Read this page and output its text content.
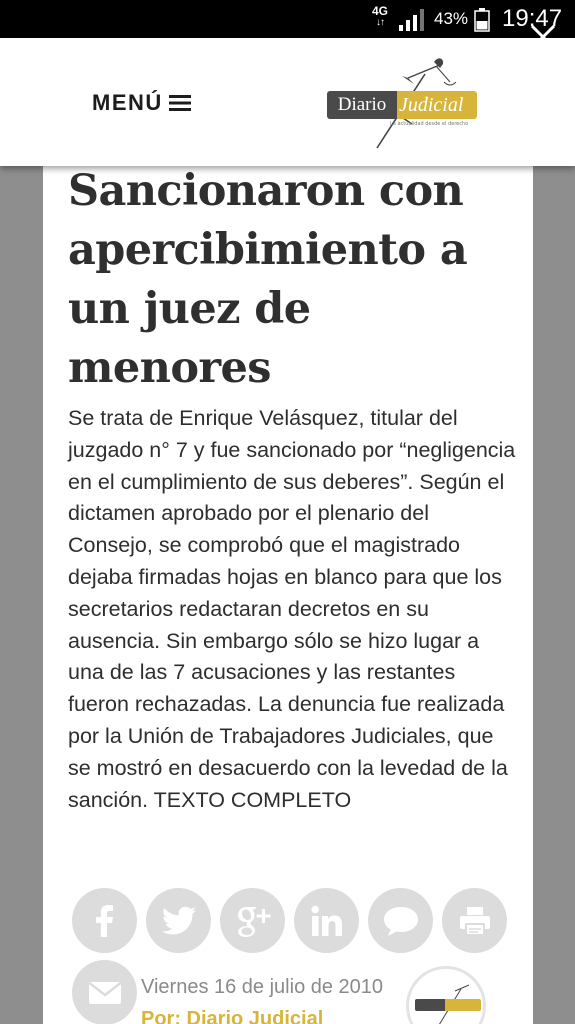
4G
↓↑	43% 19:47
MENÚ	Diario Judicial
La actualidad desde el derecho
Sancionaron con apercibimiento a un juez de menores

Se trata de Enrique Velásquez, titular del juzgado n° 7 y fue sancionado por “negligencia en el cumplimiento de sus deberes”. Según el dictamen aprobado por el plenario del Consejo, se comprobó que el magistrado dejaba firmadas hojas en blanco para que los secretarios redactaran decretos en su ausencia. Sin embargo sólo se hizo lugar a una de las 7 acusaciones y las restantes fueron rechazadas. La denuncia fue realizada por la Unión de Trabajadores Judiciales, que se mostró en desacuerdo con la levedad de la sanción. TEXTO COMPLETO

Viernes 16 de julio de 2010
Por: Diario Judicial
